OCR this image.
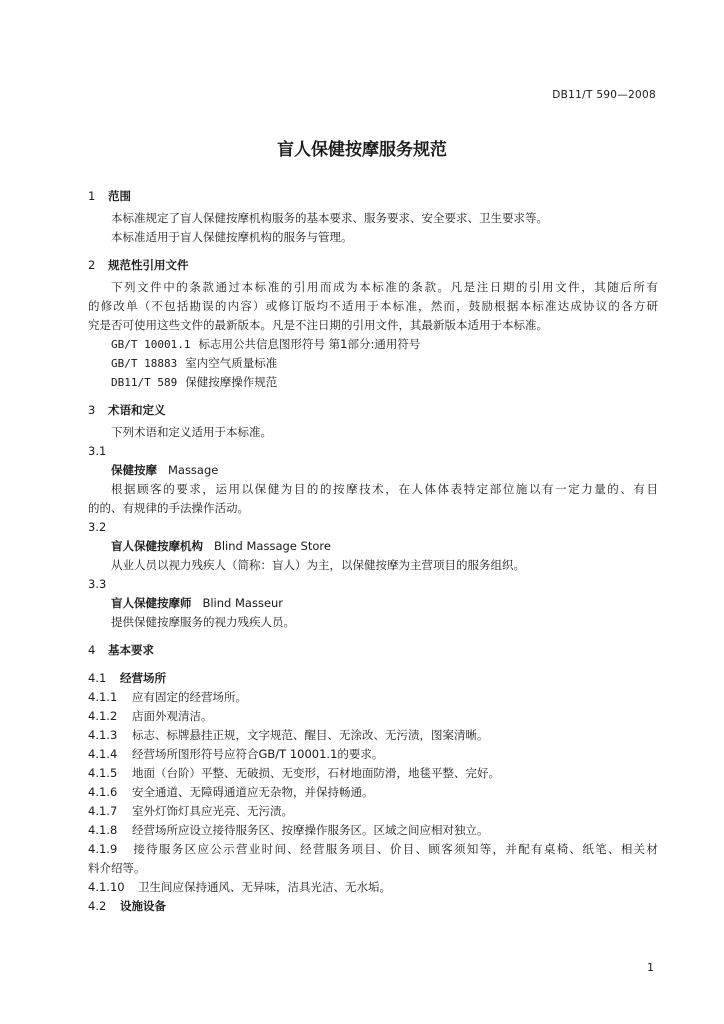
DB11/T 590—2008
盲人保健按摩服务规范
1 范围
本标准规定了盲人保健按摩机构服务的基本要求、服务要求、安全要求、卫生要求等。
本标准适用于盲人保健按摩机构的服务与管理。
2 规范性引用文件
下列文件中的条款通过本标准的引用而成为本标准的条款。凡是注日期的引用文件，其随后所有
的修改单（不包括勘误的内容）或修订版均不适用于本标准，然而，鼓励根据本标准达成协议的各方研
究是否可使用这些文件的最新版本。凡是不注日期的引用文件，其最新版本适用于本标准。
GB/T 10001.1 标志用公共信息图形符号 第1部分:通用符号
GB/T 18883 室内空气质量标准
DB11/T 589 保健按摩操作规范
3 术语和定义
下列术语和定义适用于本标准。
3.1
保健按摩 Massage
根据顾客的要求，运用以保健为目的的按摩技术，在人体体表特定部位施以有一定力量的、有目
的的、有规律的手法操作活动。
3.2
盲人保健按摩机构 Blind Massage Store
从业人员以视力残疾人（简称：盲人）为主，以保健按摩为主营项目的服务组织。
3.3
盲人保健按摩师 Blind Masseur
提供保健按摩服务的视力残疾人员。
4 基本要求
4.1 经营场所
4.1.1 应有固定的经营场所。
4.1.2 店面外观清洁。
4.1.3 标志、标牌悬挂正规，文字规范、醒目、无涂改、无污渍，图案清晰。
4.1.4 经营场所图形符号应符合GB/T 10001.1的要求。
4.1.5 地面（台阶）平整、无破损、无变形，石材地面防滑，地毯平整、完好。
4.1.6 安全通道、无障碍通道应无杂物，并保持畅通。
4.1.7 室外灯饰灯具应光亮、无污渍。
4.1.8 经营场所应设立接待服务区、按摩操作服务区。区域之间应相对独立。
4.1.9 接待服务区应公示营业时间、经营服务项目、价目、顾客须知等，并配有桌椅、纸笔、相关材
料介绍等。
4.1.10 卫生间应保持通风、无异味，洁具光洁、无水垢。
4.2 设施设备
1
